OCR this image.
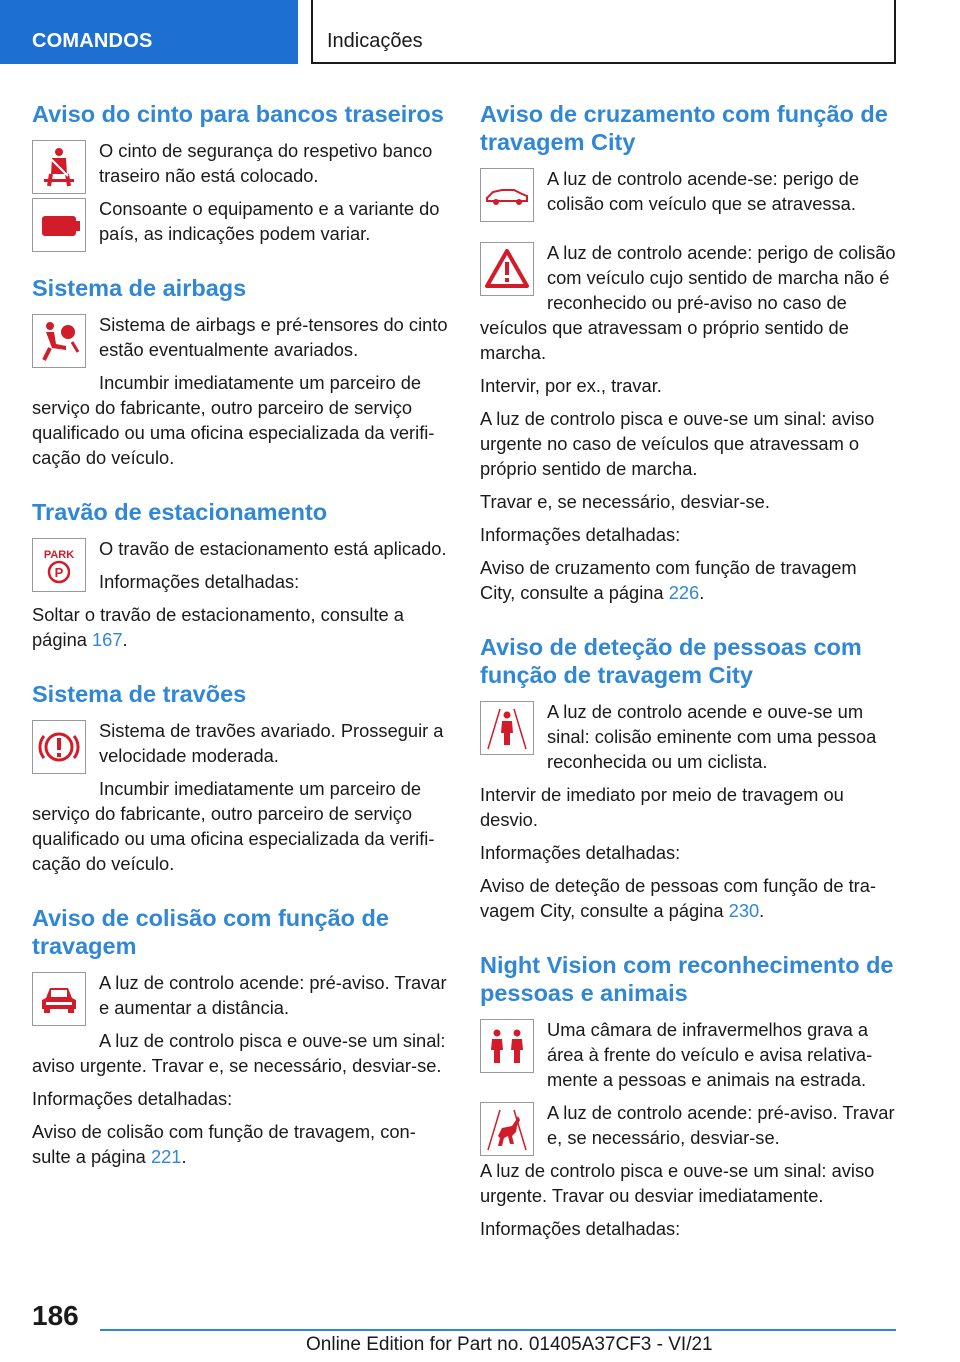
COMANDOS	Indicações
Aviso do cinto para bancos traseiros

O cinto de segurança do respetivo banco traseiro não está colocado.

Consoante o equipamento e a variante do país, as indicações podem variar.

Sistema de airbags

Sistema de airbags e pré-tensores do cinto estão eventualmente avariados.

Incumbir imediatamente um parceiro de serviço do fabricante, outro parceiro de serviço qualificado ou uma oficina especializada da verificação do veículo.

Travão de estacionamento
PARK
P

O travão de estacionamento está aplicado.

Informações detalhadas:

Soltar o travão de estacionamento, consulte a página 167.

Sistema de travões

Sistema de travões avariado. Prosseguir a velocidade moderada.

Incumbir imediatamente um parceiro de serviço do fabricante, outro parceiro de serviço qualificado ou uma oficina especializada da verificação do veículo.

Aviso de colisão com função de travagem

A luz de controlo acende: pré-aviso. Travar e aumentar a distância.

A luz de controlo pisca e ouve-se um sinal: aviso urgente. Travar e, se necessário, desviar-se.

Informações detalhadas:

Aviso de colisão com função de travagem, consulte a página 221.

Aviso de cruzamento com função de travagem City

A luz de controlo acende-se: perigo de colisão com veículo que se atravessa.

A luz de controlo acende: perigo de colisão com veículo cujo sentido de marcha não é reconhecido ou pré-aviso no caso de veículos que atravessam o próprio sentido de marcha.

Intervir, por ex., travar.

A luz de controlo pisca e ouve-se um sinal: aviso urgente no caso de veículos que atravessam o próprio sentido de marcha.

Travar e, se necessário, desviar-se.

Informações detalhadas:

Aviso de cruzamento com função de travagem City, consulte a página 226.

Aviso de deteção de pessoas com função de travagem City

A luz de controlo acende e ouve-se um sinal: colisão eminente com uma pessoa reconhecida ou um ciclista.

Intervir de imediato por meio de travagem ou desvio.

Informações detalhadas:

Aviso de deteção de pessoas com função de travagem City, consulte a página 230.

Night Vision com reconhecimento de pessoas e animais

Uma câmara de infravermelhos grava a área à frente do veículo e avisa relativamente a pessoas e animais na estrada.

A luz de controlo acende: pré-aviso. Travar e, se necessário, desviar-se.

A luz de controlo pisca e ouve-se um sinal: aviso urgente. Travar ou desviar imediatamente.

Informações detalhadas:

186
Online Edition for Part no. 01405A37CF3 - VI/21
